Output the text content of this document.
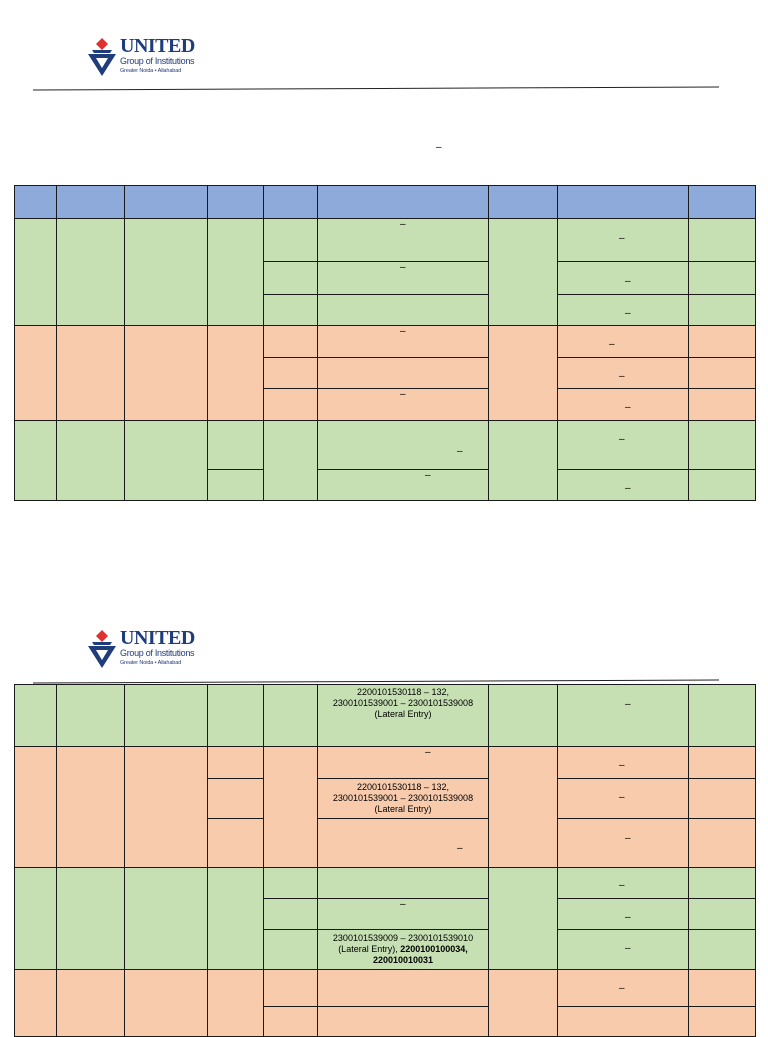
UNITED
Group of Institutions
Greater Noida • Allahabad
–

					–		–	

					–		–	

							–	

					–		–	

							–	

					–		–	

					–		–	

					–		–	

UNITED
Group of Institutions
Greater Noida • Allahabad

					2200101530118 – 132,
2300101539001 – 2300101539008
(Lateral Entry)		–	

					–		–	

					2200101530118 – 132,
2300101539001 – 2300101539008
(Lateral Entry)		–	

					–		–	

							–	

					–		–	

					2300101539009 – 2300101539010
(Lateral Entry), 2200100100034,
220010010031		–	

							–	
